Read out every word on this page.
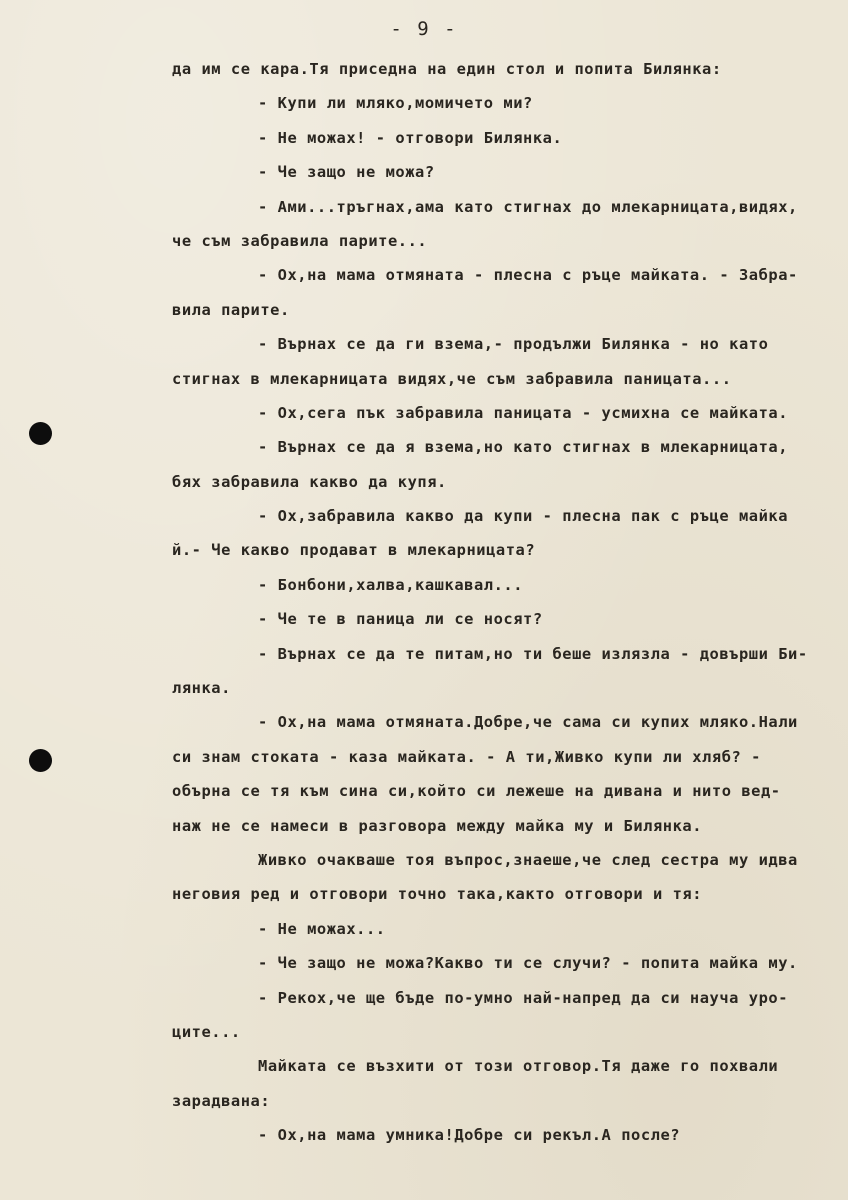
- 9 -
да им се кара.Тя приседна на един стол и попита Билянка:
- Купи ли мляко,момичето ми?
- Не можах! - отговори Билянка.
- Че защо не можа?
- Ами...тръгнах,ама като стигнах до млекарницата,видях,
че съм забравила парите...
- Ох,на мама отмяната - плесна с ръце майката. - Забра-
вила парите.
- Върнах се да ги взема,- продължи Билянка - но като
стигнах в млекарницата видях,че съм забравила паницата...
- Ох,сега пък забравила паницата - усмихна се майката.
- Върнах се да я взема,но като стигнах в млекарницата,
бях забравила какво да купя.
- Ох,забравила какво да купи - плесна пак с ръце майка
й.- Че какво продават в млекарницата?
- Бонбони,халва,кашкавал...
- Че те в паница ли се носят?
- Върнах се да те питам,но ти беше излязла - довърши Би-
лянка.
- Ох,на мама отмяната.Добре,че сама си купих мляко.Нали
си знам стоката - каза майката. - А ти,Живко купи ли хляб? -
обърна се тя към сина си,който си лежеше на дивана и нито вед-
наж не се намеси в разговора между майка му и Билянка.
Живко очакваше тоя въпрос,знаеше,че след сестра му идва
неговия ред и отговори точно така,както отговори и тя:
- Не можах...
- Че защо не можа?Какво ти се случи? - попита майка му.
- Рекох,че ще бъде по-умно най-напред да си науча уро-
ците...
Майката се възхити от този отговор.Тя даже го похвали
зарадвана:
- Ох,на мама умника!Добре си рекъл.А после?
